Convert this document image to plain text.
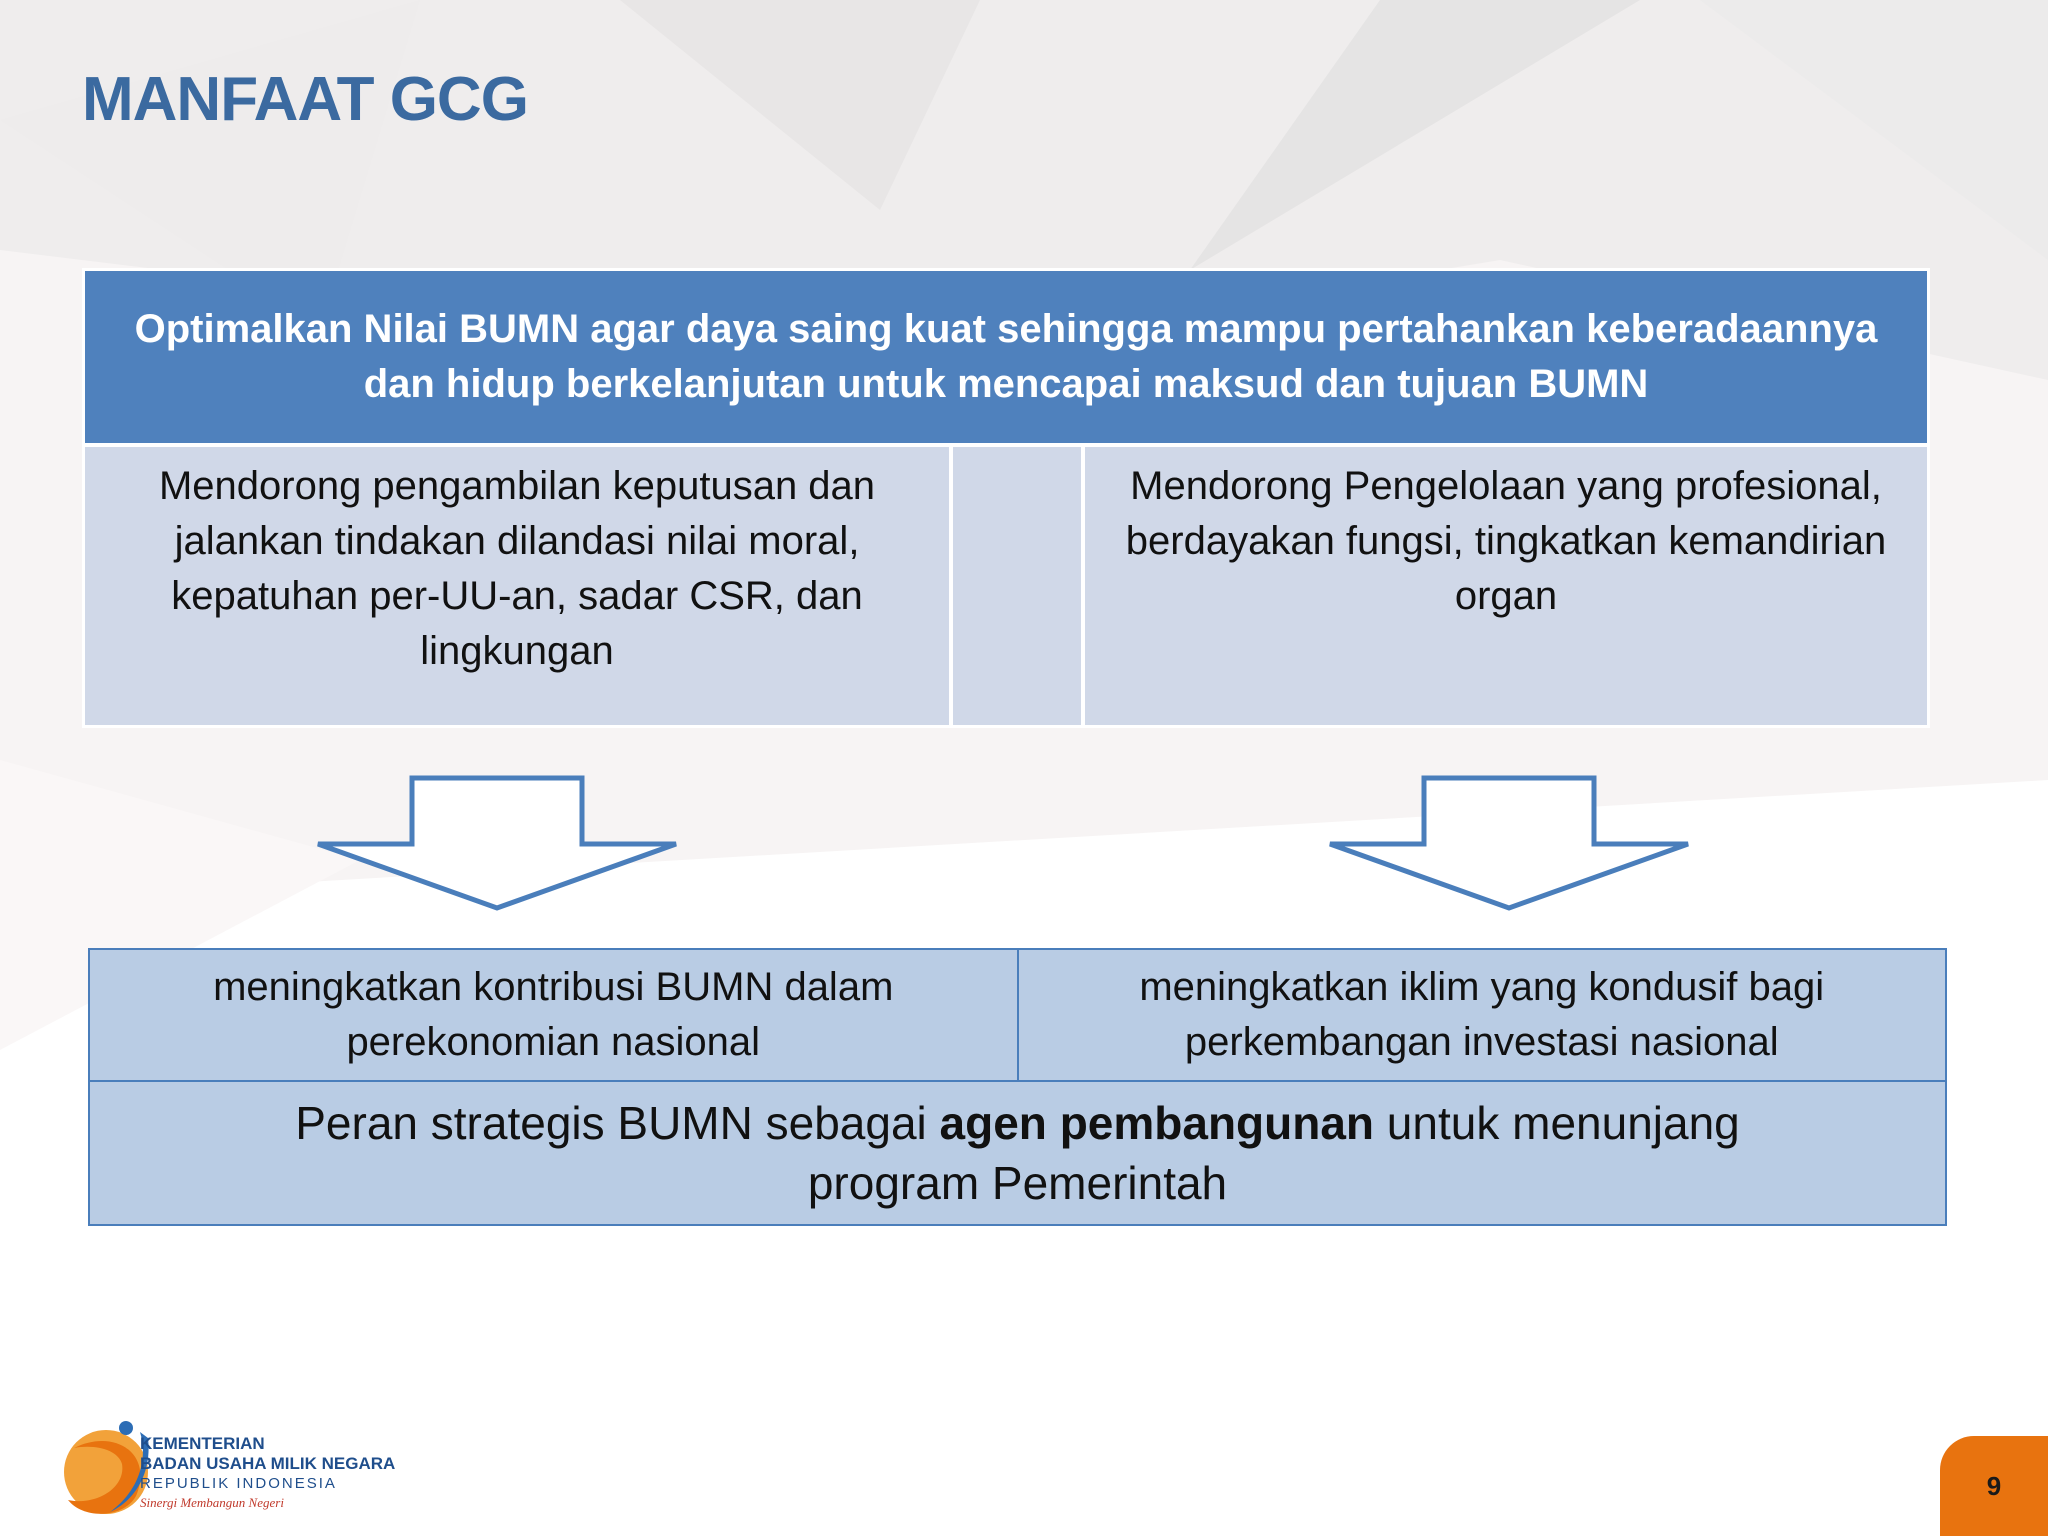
MANFAAT GCG
Optimalkan Nilai BUMN agar daya saing kuat sehingga mampu pertahankan keberadaannya dan hidup berkelanjutan untuk mencapai maksud dan tujuan BUMN
Mendorong pengambilan keputusan dan jalankan tindakan dilandasi nilai moral, kepatuhan per-UU-an, sadar CSR, dan lingkungan
Mendorong Pengelolaan yang profesional, berdayakan fungsi, tingkatkan kemandirian organ
meningkatkan kontribusi BUMN dalam perekonomian nasional
meningkatkan iklim yang kondusif bagi perkembangan investasi nasional
Peran strategis BUMN sebagai agen pembangunan untuk menunjang program Pemerintah
KEMENTERIAN
BADAN USAHA MILIK NEGARA
REPUBLIK INDONESIA
Sinergi Membangun Negeri
9
